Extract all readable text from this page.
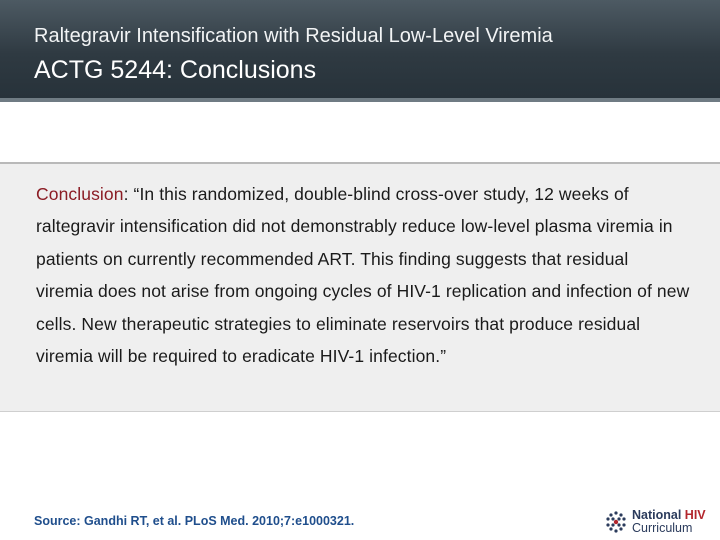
Raltegravir Intensification with Residual Low-Level Viremia

ACTG 5244: Conclusions

Conclusion: “In this randomized, double-blind cross-over study, 12 weeks of raltegravir intensification did not demonstrably reduce low-level plasma viremia in patients on currently recommended ART. This finding suggests that residual viremia does not arise from ongoing cycles of HIV-1 replication and infection of new cells. New therapeutic strategies to eliminate reservoirs that produce residual viremia will be required to eradicate HIV-1 infection.”

Source: Gandhi RT, et al. PLoS Med. 2010;7:e1000321.	National HIV
Curriculum
